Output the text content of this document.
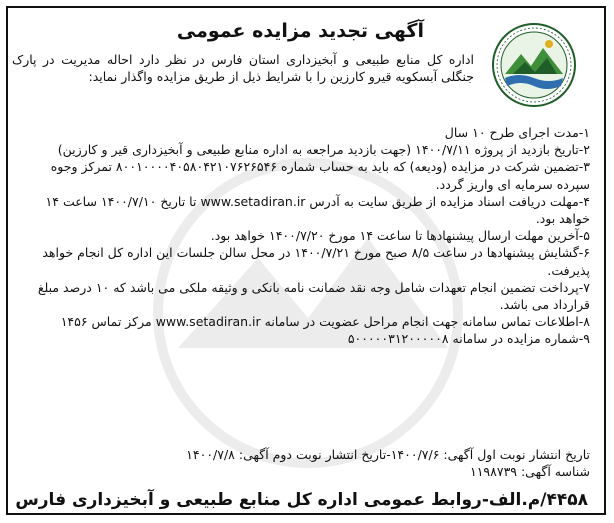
آگهی تجدید مزایده عمومی

اداره کل منابع طبیعی و آبخیزداری استان فارس در نظر دارد احاله مدیریت در پارک جنگلی آبسکویه قیرو کارزین را با شرایط ذیل از طریق مزایده واگذار نماید:

۱-مدت اجرای طرح ۱۰ سال
۲-تاریخ بازدید از پروژه ۱۴۰۰/۷/۱۱ (جهت بازدید مراجعه به اداره منابع طبیعی و آبخیزداری قیر و کارزین)
۳-تضمین شرکت در مزایده (ودیعه) که باید به حساب شماره ۸۰۰۱۰۰۰۰۴۰۵۸۰۴۲۱۰۷۶۲۶۵۴۶ تمرکز وجوه سپرده سرمایه ای واریز گردد.
۴-مهلت دریافت اسناد مزایده از طریق سایت به آدرس www.setadiran.ir تا تاریخ ۱۴۰۰/۷/۱۰ ساعت ۱۴ خواهد بود.
۵-آخرین مهلت ارسال پیشنهادها تا ساعت ۱۴ مورخ ۱۴۰۰/۷/۲۰ خواهد بود.
۶-گشایش پیشنهادها در ساعت ۸/۵ صبح مورخ ۱۴۰۰/۷/۲۱ در محل سالن جلسات این اداره کل انجام خواهد پذیرفت.
۷-پرداخت تضمین انجام تعهدات شامل وجه نقد ضمانت نامه بانکی و وثیقه ملکی می باشد که ۱۰ درصد مبلغ قرارداد می باشد.
۸-اطلاعات تماس سامانه جهت انجام مراحل عضویت در سامانه www.setadiran.ir مرکز تماس ۱۴۵۶
۹-شماره مزایده در سامانه ۵۰۰۰۰۰۳۱۲۰۰۰۰۰۸

تاریخ انتشار نوبت اول آگهی: ۱۴۰۰/۷/۶-تاریخ انتشار نوبت دوم آگهی: ۱۴۰۰/۷/۸
شناسه آگهی: ۱۱۹۸۷۳۹

۴۴۵۸/م.الف-روابط عمومی اداره کل منابع طبیعی و آبخیزداری فارس
